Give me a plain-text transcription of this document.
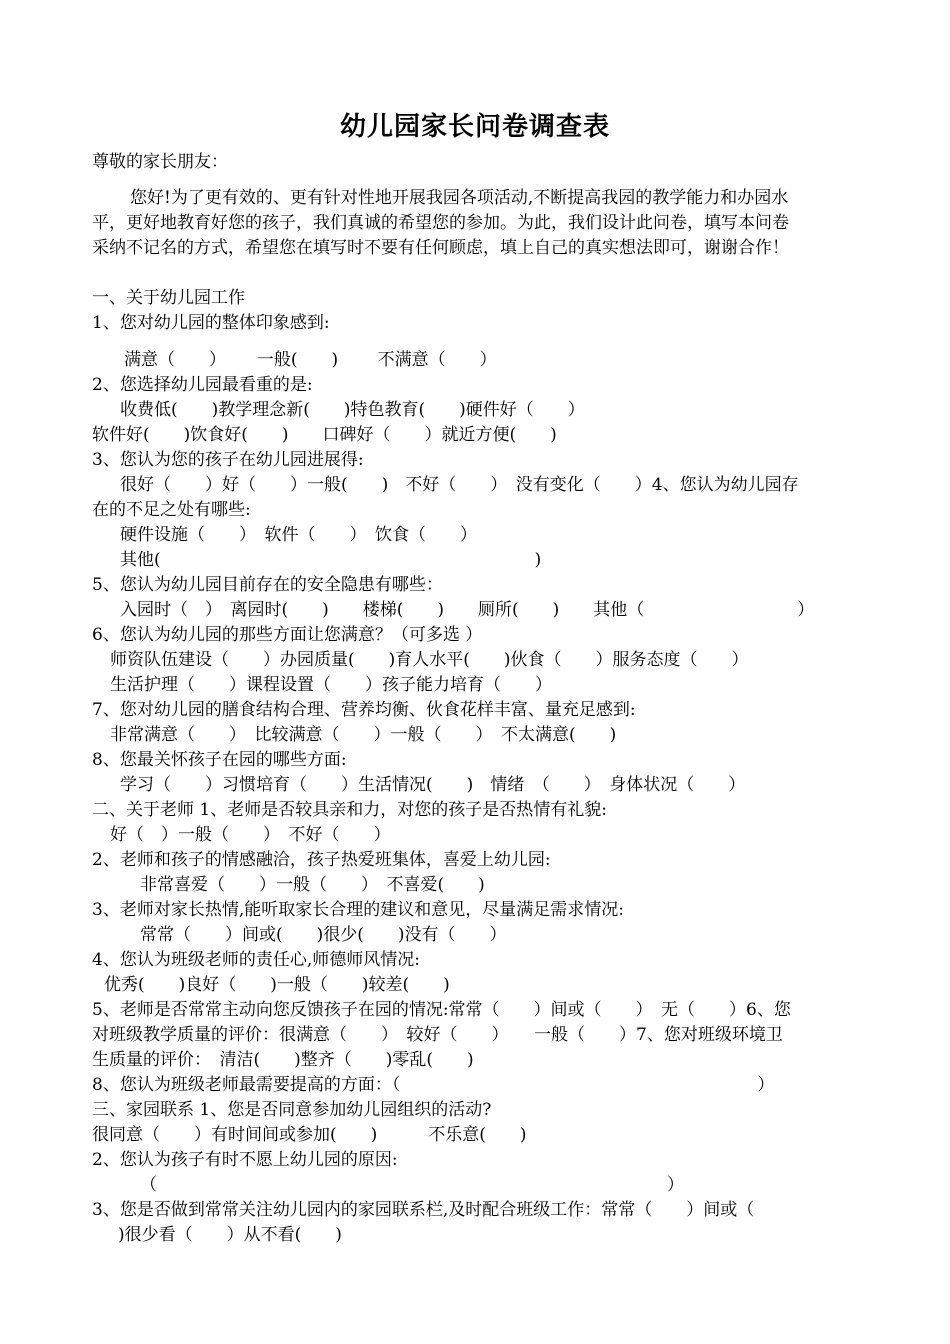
幼儿园家长问卷调查表
尊敬的家长朋友：
您好!为了更有效的、更有针对性地开展我园各项活动,不断提高我园的教学能力和办园水
平，更好地教育好您的孩子，我们真诚的希望您的参加。为此，我们设计此问卷，填写本问卷
采纳不记名的方式，希望您在填写时不要有任何顾虑，填上自己的真实想法即可，谢谢合作！
一、关于幼儿园工作
1、您对幼儿园的整体印象感到:
满意（　　）　　 一般(　　)　　 不满意（　　）
2、您选择幼儿园最看重的是:
收费低(　　)教学理念新(　　)特色教育(　　)硬件好（　　）
软件好(　　)饮食好(　　)　　口碑好（　　）就近方便(　　)
3、您认为您的孩子在幼儿园进展得:
很好（　　）好（　　）一般(　　)　不好（　　）　没有变化（　　）4、您认为幼儿园存
在的不足之处有哪些:
硬件设施（　　）　软件（　　）　饮食（　　）
其他(　　　　　　　　　　　　　　　　　　　　　　)
5、您认为幼儿园目前存在的安全隐患有哪些：
入园时（　）　离园时(　　)　　楼梯(　　)　　厕所(　　)　　其他（　　　　　　　　　）
6、您认为幼儿园的那些方面让您满意？（可多选 ）
师资队伍建设（　　）办园质量(　　)育人水平(　　)伙食（　　）服务态度（　　）
生活护理（　　）课程设置（　　）孩子能力培育（　　）
7、您对幼儿园的膳食结构合理、营养均衡、伙食花样丰富、量充足感到:
非常满意（　　）　比较满意（　　）一般（　　）　不太满意(　　)
8、您最关怀孩子在园的哪些方面:
学习（　　）习惯培育（　　）生活情况(　　)　情绪　（　　）　身体状况（　　）
二、关于老师 1、老师是否较具亲和力，对您的孩子是否热情有礼貌:
好（　）一般（　　）　不好（　　）
2、老师和孩子的情感融洽，孩子热爱班集体，喜爱上幼儿园:
非常喜爱（　　）一般（　　）　不喜爱(　　)
3、老师对家长热情,能听取家长合理的建议和意见，尽量满足需求情况:
常常（　　）间或(　　)很少(　　)没有（　　）
4、您认为班级老师的责任心,师德师风情况:
优秀(　　)良好（　　)一般（　　)较差(　　)
5、老师是否常常主动向您反馈孩子在园的情况:常常（　　）间或（　　）　无（　　）6、您
对班级教学质量的评价：很满意（　　）　较好（　　）　　一般（　　）7、您对班级环境卫
生质量的评价：　清洁(　　)整齐（　　)零乱(　　)
8、您认为班级老师最需要提高的方面：（　　　　　　　　　　　　　　　　　　　　　）
三、家园联系 1、您是否同意参加幼儿园组织的活动?
很同意（　　）有时间间或参加(　　)　　　不乐意(　　)
2、您认为孩子有时不愿上幼儿园的原因:
（　　　　　　　　　　　　　　　　　　　　　　　　　　　　　　）
3、您是否做到常常关注幼儿园内的家园联系栏,及时配合班级工作：常常（　　）间或（
)很少看（　　）从不看(　　)
